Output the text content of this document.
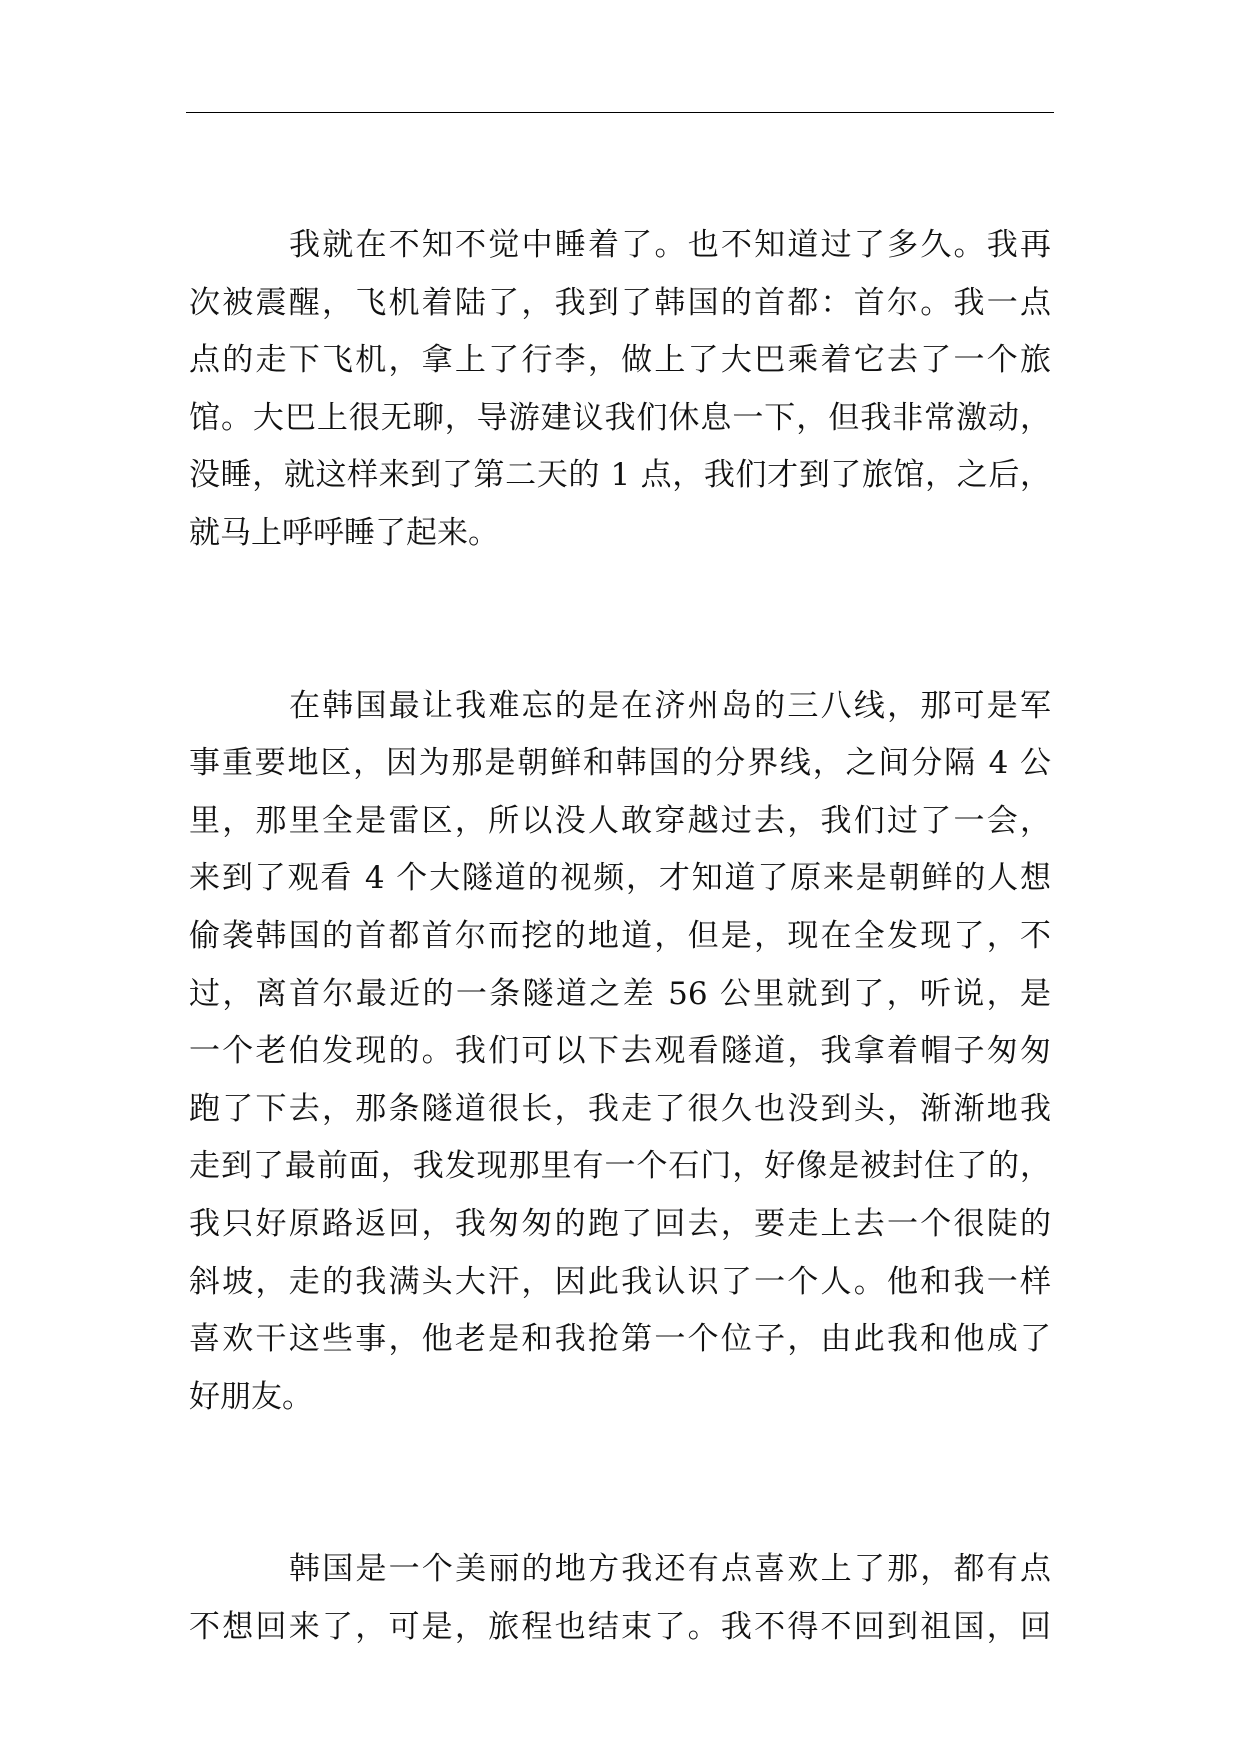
我就在不知不觉中睡着了。也不知道过了多久。我再
次被震醒，飞机着陆了，我到了韩国的首都：首尔。我一点
点的走下飞机，拿上了行李，做上了大巴乘着它去了一个旅
馆。大巴上很无聊，导游建议我们休息一下，但我非常激动，
没睡，就这样来到了第二天的 1 点，我们才到了旅馆，之后，
就马上呼呼睡了起来。
在韩国最让我难忘的是在济州岛的三八线，那可是军
事重要地区，因为那是朝鲜和韩国的分界线，之间分隔 4 公
里，那里全是雷区，所以没人敢穿越过去，我们过了一会，
来到了观看 4 个大隧道的视频，才知道了原来是朝鲜的人想
偷袭韩国的首都首尔而挖的地道，但是，现在全发现了，不
过，离首尔最近的一条隧道之差 56 公里就到了，听说，是
一个老伯发现的。我们可以下去观看隧道，我拿着帽子匆匆
跑了下去，那条隧道很长，我走了很久也没到头，渐渐地我
走到了最前面，我发现那里有一个石门，好像是被封住了的，
我只好原路返回，我匆匆的跑了回去，要走上去一个很陡的
斜坡，走的我满头大汗，因此我认识了一个人。他和我一样
喜欢干这些事，他老是和我抢第一个位子，由此我和他成了
好朋友。
韩国是一个美丽的地方我还有点喜欢上了那，都有点
不想回来了，可是，旅程也结束了。我不得不回到祖国，回
